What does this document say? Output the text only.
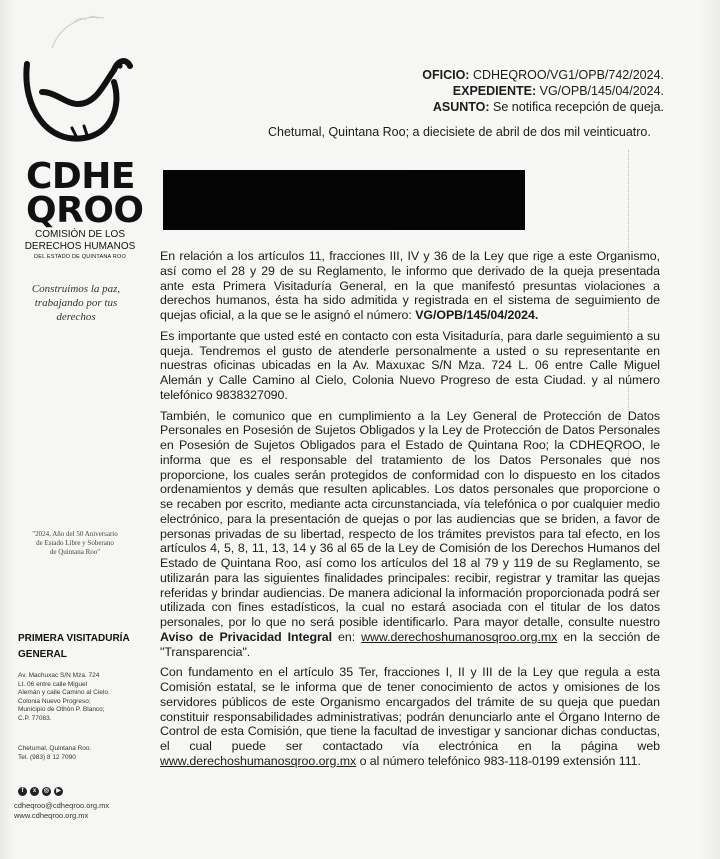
CDHE
QROO
COMISIÓN DE LOS
DERECHOS HUMANOS
DEL ESTADO DE QUINTANA ROO
Construimos la paz,
trabajando por tus
derechos
"2024, Año del 50 Aniversario
de Estado Libre y Soberano
de Quintana Roo"
PRIMERA VISITADURÍA
GENERAL
Av. Machuxac S/N Mza. 724
Lt. 06 entre calle Miguel
Alemán y calle Camino al Cielo.
Colonia Nuevo Progreso;
Municipio de Othón P. Blanco;
C.P. 77083.
Chetumal, Quintana Roo.
Tel. (983) 8 12 7090
f	x	◎	▶
cdheqroo@cdheqroo.org.mx
www.cdheqroo.org.mx
OFICIO: CDHEQROO/VG1/OPB/742/2024.
EXPEDIENTE: VG/OPB/145/04/2024.
ASUNTO: Se notifica recepción de queja.
Chetumal, Quintana Roo; a diecisiete de abril de dos mil veinticuatro.

En relación a los artículos 11, fracciones III, IV y 36 de la Ley que rige a este Organismo, así como el 28 y 29 de su Reglamento, le informo que derivado de la queja presentada ante esta Primera Visitaduría General, en la que manifestó presuntas violaciones a derechos humanos, ésta ha sido admitida y registrada en el sistema de seguimiento de quejas oficial, a la que se le asignó el número: VG/OPB/145/04/2024.

Es importante que usted esté en contacto con esta Visitaduría, para darle seguimiento a su queja. Tendremos el gusto de atenderle personalmente a usted o su representante en nuestras oficinas ubicadas en la Av. Maxuxac S/N Mza. 724 L. 06 entre Calle Miguel Alemán y Calle Camino al Cielo, Colonia Nuevo Progreso de esta Ciudad. y al número telefónico 9838327090.

También, le comunico que en cumplimiento a la Ley General de Protección de Datos Personales en Posesión de Sujetos Obligados y la Ley de Protección de Datos Personales en Posesión de Sujetos Obligados para el Estado de Quintana Roo; la CDHEQROO, le informa que es el responsable del tratamiento de los Datos Personales que nos proporcione, los cuales serán protegidos de conformidad con lo dispuesto en los citados ordenamientos y demás que resulten aplicables. Los datos personales que proporcione o se recaben por escrito, mediante acta circunstanciada, vía telefónica o por cualquier medio electrónico, para la presentación de quejas o por las audiencias que se briden, a favor de personas privadas de su libertad, respecto de los trámites previstos para tal efecto, en los artículos 4, 5, 8, 11, 13, 14 y 36 al 65 de la Ley de Comisión de los Derechos Humanos del Estado de Quintana Roo, así como los artículos del 18 al 79 y 119 de su Reglamento, se utilizarán para las siguientes finalidades principales: recibir, registrar y tramitar las quejas referidas y brindar audiencias. De manera adicional la información proporcionada podrá ser utilizada con fines estadísticos, la cual no estará asociada con el titular de los datos personales, por lo que no será posible identificarlo. Para mayor detalle, consulte nuestro Aviso de Privacidad Integral en: www.derechoshumanosqroo.org.mx en la sección de "Transparencia".

Con fundamento en el artículo 35 Ter, fracciones I, II y III de la Ley que regula a esta Comisión estatal, se le informa que de tener conocimiento de actos y omisiones de los servidores públicos de este Organismo encargados del trámite de su queja que puedan constituir responsabilidades administrativas; podrán denunciarlo ante el Órgano Interno de Control de esta Comisión, que tiene la facultad de investigar y sancionar dichas conductas, el cual puede ser contactado vía electrónica en la página web www.derechoshumanosqroo.org.mx o al número telefónico 983-118-0199 extensión 111.
